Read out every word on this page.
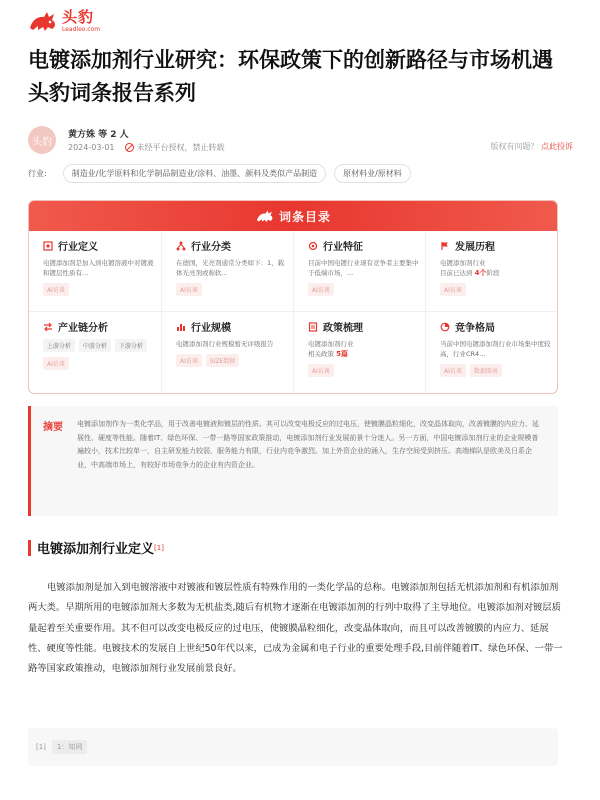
头豹
Leadleo.com
电镀添加剂行业研究：环保政策下的创新路径与市场机遇 头豹词条报告系列
头豹
黄方姝 等 2 人
2024-03-01	未经平台授权，禁止转载	版权有问题？ 点此投诉
行业:	制造业/化学原料和化学制品制造业/涂料、油墨、颜料及类似产品制造	原材料业/原材料
词条目录
行业定义
电镀添加剂是加入到电镀溶液中对镀液和镀层性质有...
AI访谈
行业分类
在德国，光亮剂通常分类如下：1、载体光亮剂或称软...
AI访谈
行业特征
目前中国电镀行业现有竞争者主要集中于低端市场，...
AI访谈
发展历程
电镀添加剂行业
目前已达到 4个阶段
AI访谈
产业链分析
上游分析	中游分析	下游分析
AI访谈
行业规模
电镀添加剂行业规模暂无评级报告
AI访谈	SIZE数据
政策梳理
电镀添加剂行业
相关政策 5篇
AI访谈
竞争格局
当前中国电镀添加剂行业市场集中度较高，行业CR4...
AI访谈	数据图表
摘要	电镀添加剂作为一类化学品，用于改善电镀液和镀层的性质。其可以改变电极反应的过电压，使镀膜晶粒细化，改变晶体取向，改善镀膜的内应力、延展性、硬度等性能。随着IT、绿色环保、一带一路等国家政策推动，电镀添加剂行业发展前景十分迷人。另一方面，中国电镀添加剂行业的企业规模普遍较小，技术比较单一，自主研发能力较弱，服务能力有限，行业内竞争激烈。加上外资企业的涌入，生存空间受到挤压。高端梯队是欧美及日系企业，中高端市场上，有较好市场竞争力的企业有内资企业。
电镀添加剂行业定义 [1]

电镀添加剂是加入到电镀溶液中对镀液和镀层性质有特殊作用的一类化学品的总称。电镀添加剂包括无机添加剂和有机添加剂两大类。早期所用的电镀添加剂大多数为无机盐类,随后有机物才逐渐在电镀添加剂的行列中取得了主导地位。电镀添加剂对镀层质量起着至关重要作用。其不但可以改变电极反应的过电压，使镀膜晶粒细化，改变晶体取向，而且可以改善镀膜的内应力、延展性、硬度等性能。电镀技术的发展自上世纪50年代以来，已成为金属和电子行业的重要处理手段,目前伴随着IT、绿色环保、一带一路等国家政策推动，电镀添加剂行业发展前景良好。

[1]	1：知网
